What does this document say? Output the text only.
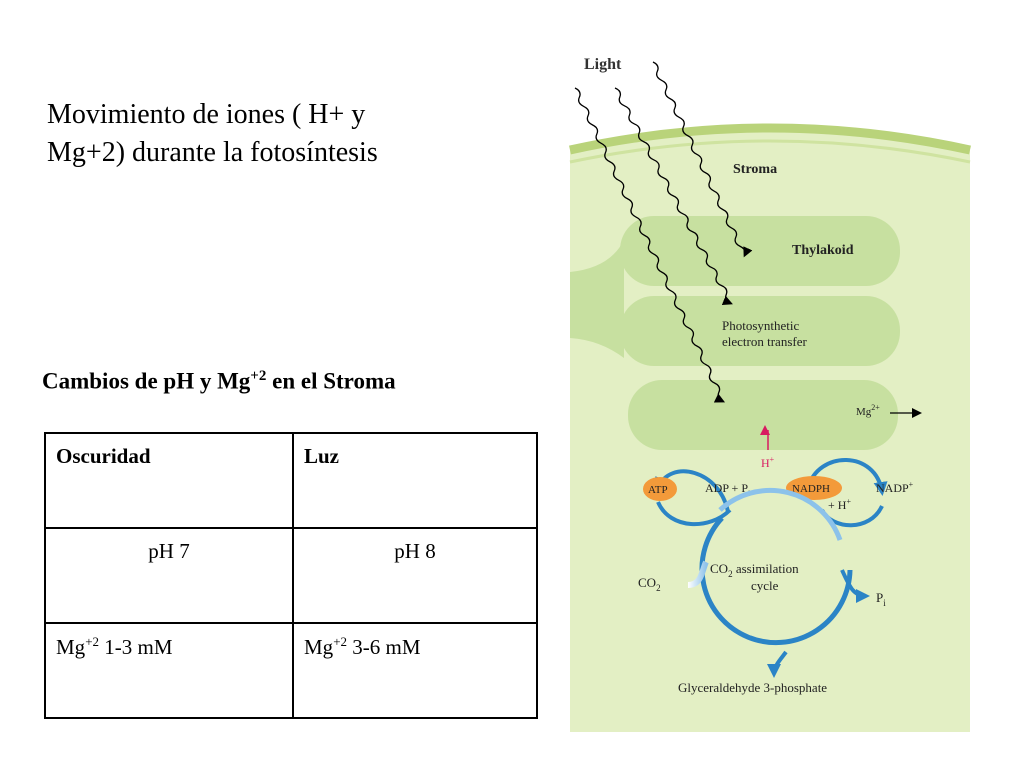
Movimiento de iones ( H+ y
Mg+2) durante la fotosíntesis
Cambios de pH y $Mg^{+2}$ en el Stroma
Oscuridad	Luz
pH 7	pH 8
$Mg^{+2}$ 1-3 mM	$Mg^{+2}$ 3-6 mM
Light
Stroma
Thylakoid
Photosynthetic
electron transfer
$Mg^{2+}$
H+
ATP	ADP + $P_i$	NADPH	NADP+
+ H+
$CO_2$ assimilation
cycle
$CO_2$
$P_i$
Glyceraldehyde 3-phosphate
